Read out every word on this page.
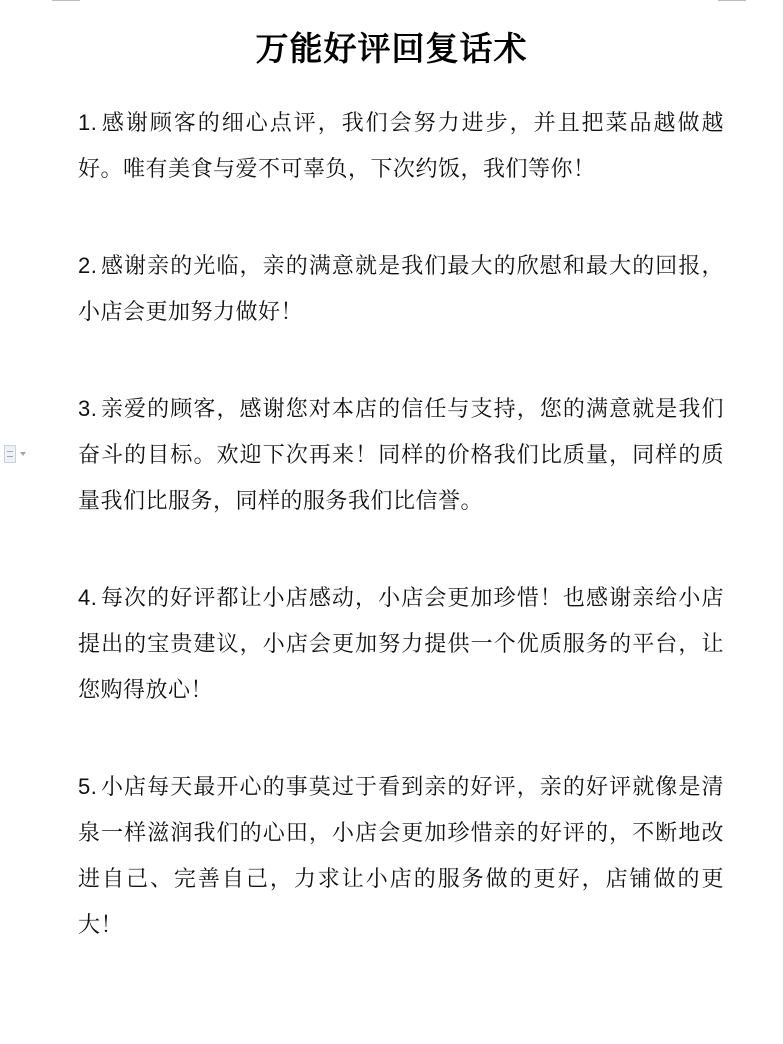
万能好评回复话术

1. 感谢顾客的细心点评，我们会努力进步，并且把菜品越做越好。唯有美食与爱不可辜负，下次约饭，我们等你！

2. 感谢亲的光临，亲的满意就是我们最大的欣慰和最大的回报，小店会更加努力做好！

3. 亲爱的顾客，感谢您对本店的信任与支持，您的满意就是我们奋斗的目标。欢迎下次再来！同样的价格我们比质量，同样的质量我们比服务，同样的服务我们比信誉。

4. 每次的好评都让小店感动，小店会更加珍惜！也感谢亲给小店提出的宝贵建议，小店会更加努力提供一个优质服务的平台，让您购得放心！

5. 小店每天最开心的事莫过于看到亲的好评，亲的好评就像是清泉一样滋润我们的心田，小店会更加珍惜亲的好评的，不断地改进自己、完善自己，力求让小店的服务做的更好，店铺做的更大！
